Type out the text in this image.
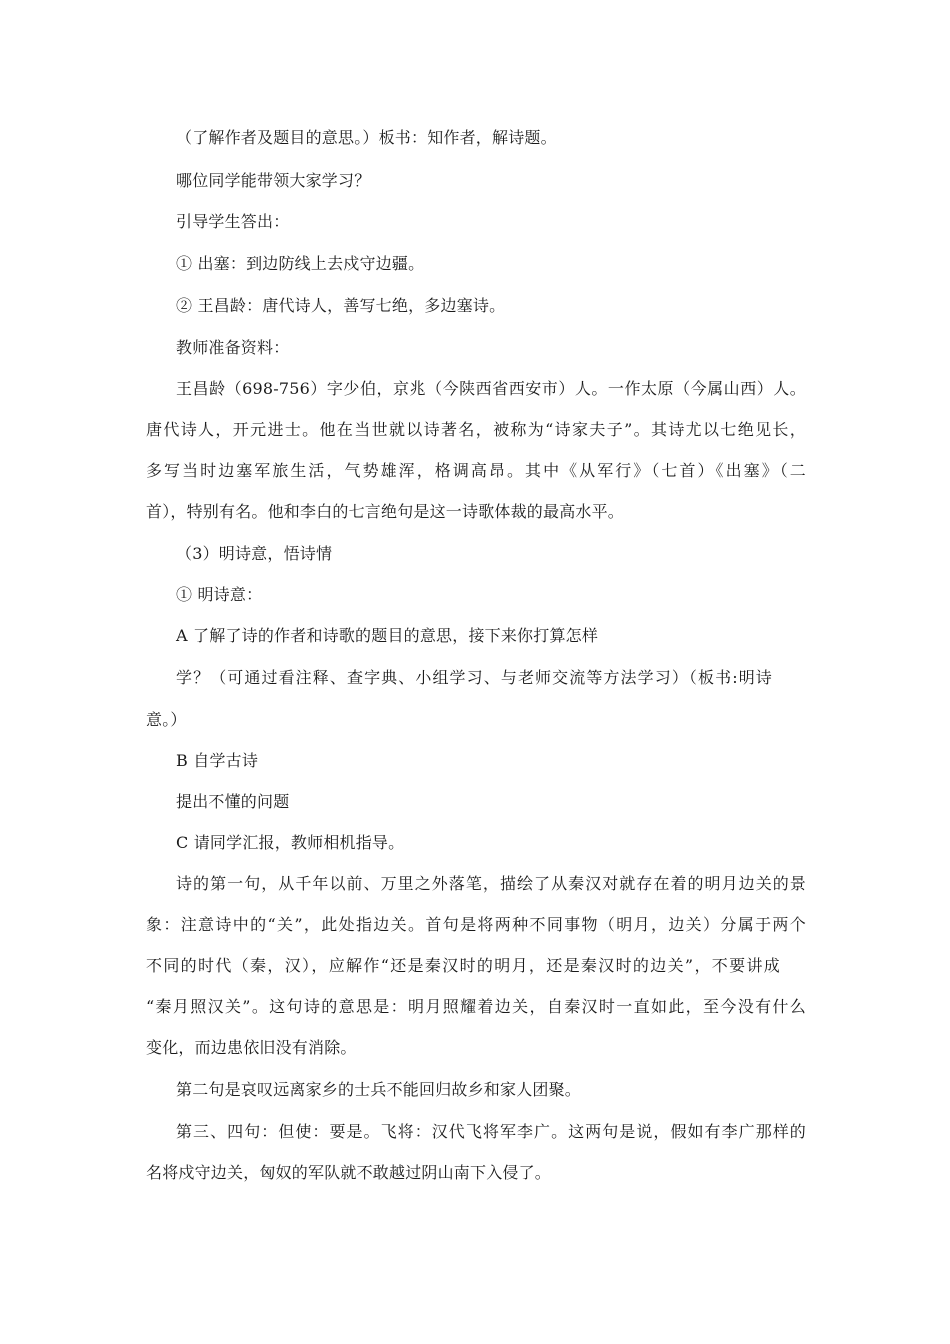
（了解作者及题目的意思。）板书：知作者，解诗题。
哪位同学能带领大家学习？
引导学生答出：
① 出塞：到边防线上去戍守边疆。
② 王昌龄：唐代诗人，善写七绝，多边塞诗。
教师准备资料：
王昌龄（698-756）字少伯，京兆（今陕西省西安市）人。一作太原（今属山西）人。
唐代诗人，开元进士。他在当世就以诗著名，被称为“诗家夫子”。其诗尤以七绝见长，
多写当时边塞军旅生活，气势雄浑，格调高昂。其中《从军行》（七首）《出塞》（二
首），特别有名。他和李白的七言绝句是这一诗歌体裁的最高水平。
（3）明诗意，悟诗情
① 明诗意：
A 了解了诗的作者和诗歌的题目的意思，接下来你打算怎样
学？（可通过看注释、查字典、小组学习、与老师交流等方法学习）（板书:明诗
意。）
B 自学古诗
提出不懂的问题
C 请同学汇报，教师相机指导。
诗的第一句，从千年以前、万里之外落笔，描绘了从秦汉对就存在着的明月边关的景
象：注意诗中的“关”，此处指边关。首句是将两种不同事物（明月，边关）分属于两个
不同的时代（秦，汉），应解作“还是秦汉时的明月，还是秦汉时的边关”，不要讲成
“秦月照汉关”。这句诗的意思是：明月照耀着边关，自秦汉时一直如此，至今没有什么
变化，而边患依旧没有消除。
第二句是哀叹远离家乡的士兵不能回归故乡和家人团聚。
第三、四句：但使：要是。飞将：汉代飞将军李广。这两句是说，假如有李广那样的
名将戍守边关，匈奴的军队就不敢越过阴山南下入侵了。
